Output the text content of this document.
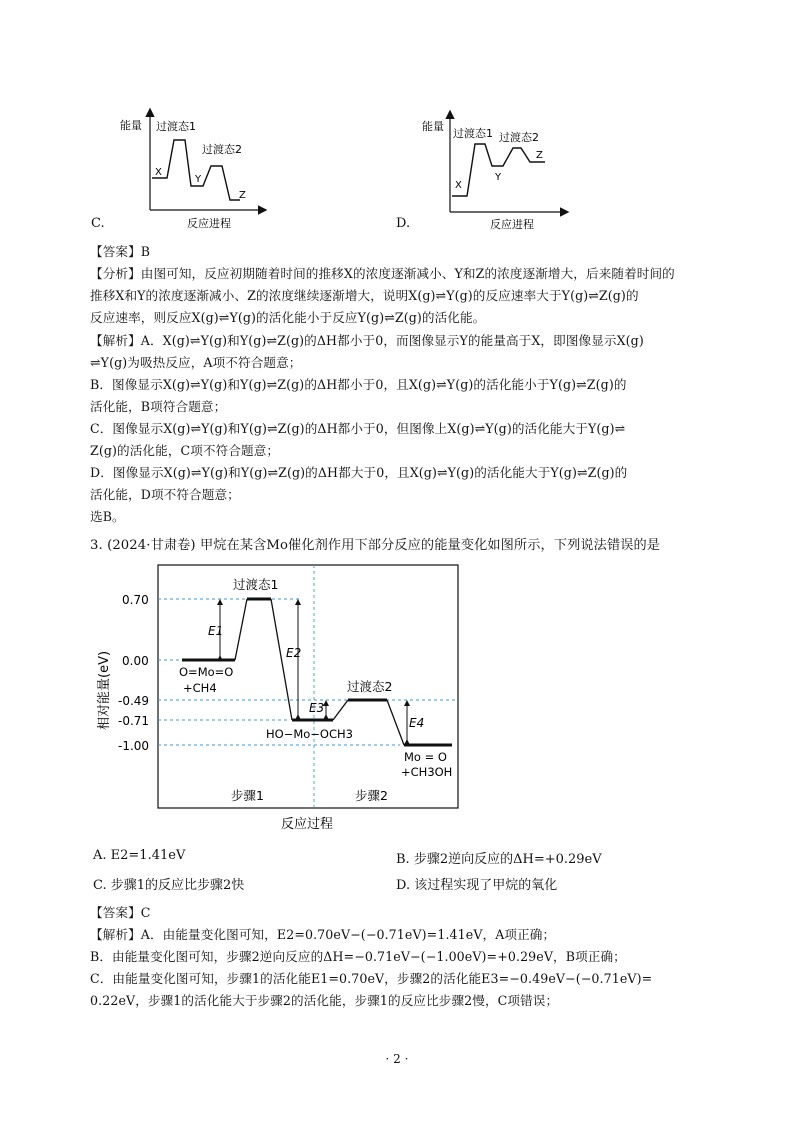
能量 过渡态1
过渡态2
X
Y
Z
反应进程
C.
能量
过渡态1 过渡态2
X
Y
Z
反应进程
D.
【答案】B
【分析】由图可知，反应初期随着时间的推移X的浓度逐渐减小、Y和Z的浓度逐渐增大，后来随着时间的
推移X和Y的浓度逐渐减小、Z的浓度继续逐渐增大，说明X(g)⇌Y(g)的反应速率大于Y(g)⇌Z(g)的
反应速率，则反应X(g)⇌Y(g)的活化能小于反应Y(g)⇌Z(g)的活化能。
【解析】A．X(g)⇌Y(g)和Y(g)⇌Z(g)的ΔH都小于0，而图像显示Y的能量高于X，即图像显示X(g)
⇌Y(g)为吸热反应，A项不符合题意；
B．图像显示X(g)⇌Y(g)和Y(g)⇌Z(g)的ΔH都小于0，且X(g)⇌Y(g)的活化能小于Y(g)⇌Z(g)的
活化能，B项符合题意；
C．图像显示X(g)⇌Y(g)和Y(g)⇌Z(g)的ΔH都小于0，但图像上X(g)⇌Y(g)的活化能大于Y(g)⇌
Z(g)的活化能，C项不符合题意；
D．图像显示X(g)⇌Y(g)和Y(g)⇌Z(g)的ΔH都大于0，且X(g)⇌Y(g)的活化能大于Y(g)⇌Z(g)的
活化能，D项不符合题意；
选B。
3. (2024·甘肃卷) 甲烷在某含Mo催化剂作用下部分反应的能量变化如图所示，下列说法错误的是
0.70
0.00
-0.49
-0.71
-1.00
相对能量(eV)
E1
E2
E3
E4
过渡态1
过渡态2
O=Mo=O
+CH4
HO−Mo−OCH3
Mo = O
+CH3OH
步骤1	步骤2
反应过程
A. E2=1.41eV	B. 步骤2逆向反应的ΔH=+0.29eV
C. 步骤1的反应比步骤2快	D. 该过程实现了甲烷的氧化
【答案】C
【解析】A．由能量变化图可知，E2=0.70eV−(−0.71eV)=1.41eV，A项正确；
B．由能量变化图可知，步骤2逆向反应的ΔH=−0.71eV−(−1.00eV)=+0.29eV，B项正确；
C．由能量变化图可知，步骤1的活化能E1=0.70eV，步骤2的活化能E3=−0.49eV−(−0.71eV)=
0.22eV，步骤1的活化能大于步骤2的活化能，步骤1的反应比步骤2慢，C项错误；
· 2 ·
